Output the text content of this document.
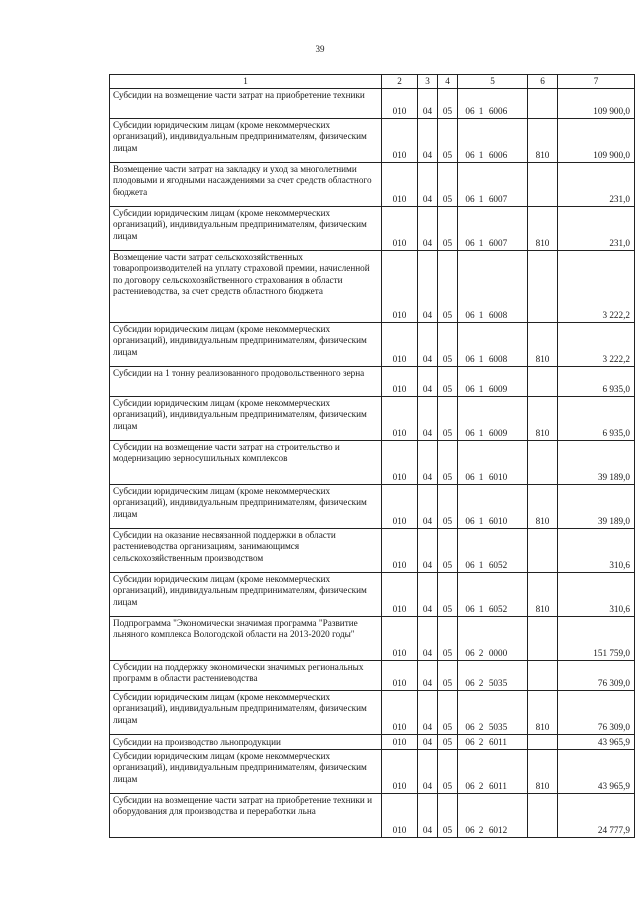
39
1	2	3	4	5	6	7
Субсидии на возмещение части затрат на приобретение техники	010	04	05	06 1 6006		109 900,0
Субсидии юридическим лицам (кроме некоммерческих организаций), индивидуальным предпринимателям, физическим лицам	010	04	05	06 1 6006	810	109 900,0
Возмещение части затрат на закладку и уход за многолетними плодовыми и ягодными насаждениями за счет средств областного бюджета	010	04	05	06 1 6007		231,0
Субсидии юридическим лицам (кроме некоммерческих организаций), индивидуальным предпринимателям, физическим лицам	010	04	05	06 1 6007	810	231,0
Возмещение части затрат сельскохозяйственных товаропроизводителей на уплату страховой премии, начисленной по договору сельскохозяйственного страхования в области растениеводства, за счет средств областного бюджета	010	04	05	06 1 6008		3 222,2
Субсидии юридическим лицам (кроме некоммерческих организаций), индивидуальным предпринимателям, физическим лицам	010	04	05	06 1 6008	810	3 222,2
Субсидии на 1 тонну реализованного продовольственного зерна	010	04	05	06 1 6009		6 935,0
Субсидии юридическим лицам (кроме некоммерческих организаций), индивидуальным предпринимателям, физическим лицам	010	04	05	06 1 6009	810	6 935,0
Субсидии на возмещение части затрат на строительство и модернизацию зерносушильных комплексов	010	04	05	06 1 6010		39 189,0
Субсидии юридическим лицам (кроме некоммерческих организаций), индивидуальным предпринимателям, физическим лицам	010	04	05	06 1 6010	810	39 189,0
Субсидии на оказание несвязанной поддержки в области растениеводства организациям, занимающимся сельскохозяйственным производством	010	04	05	06 1 6052		310,6
Субсидии юридическим лицам (кроме некоммерческих организаций), индивидуальным предпринимателям, физическим лицам	010	04	05	06 1 6052	810	310,6
Подпрограмма "Экономически значимая программа "Развитие льняного комплекса Вологодской области на 2013-2020 годы"	010	04	05	06 2 0000		151 759,0
Субсидии на поддержку экономически значимых региональных программ в области растениеводства	010	04	05	06 2 5035		76 309,0
Субсидии юридическим лицам (кроме некоммерческих организаций), индивидуальным предпринимателям, физическим лицам	010	04	05	06 2 5035	810	76 309,0
Субсидии на производство льнопродукции	010	04	05	06 2 6011		43 965,9
Субсидии юридическим лицам (кроме некоммерческих организаций), индивидуальным предпринимателям, физическим лицам	010	04	05	06 2 6011	810	43 965,9
Субсидии на возмещение части затрат на приобретение техники и оборудования для производства и переработки льна	010	04	05	06 2 6012		24 777,9
